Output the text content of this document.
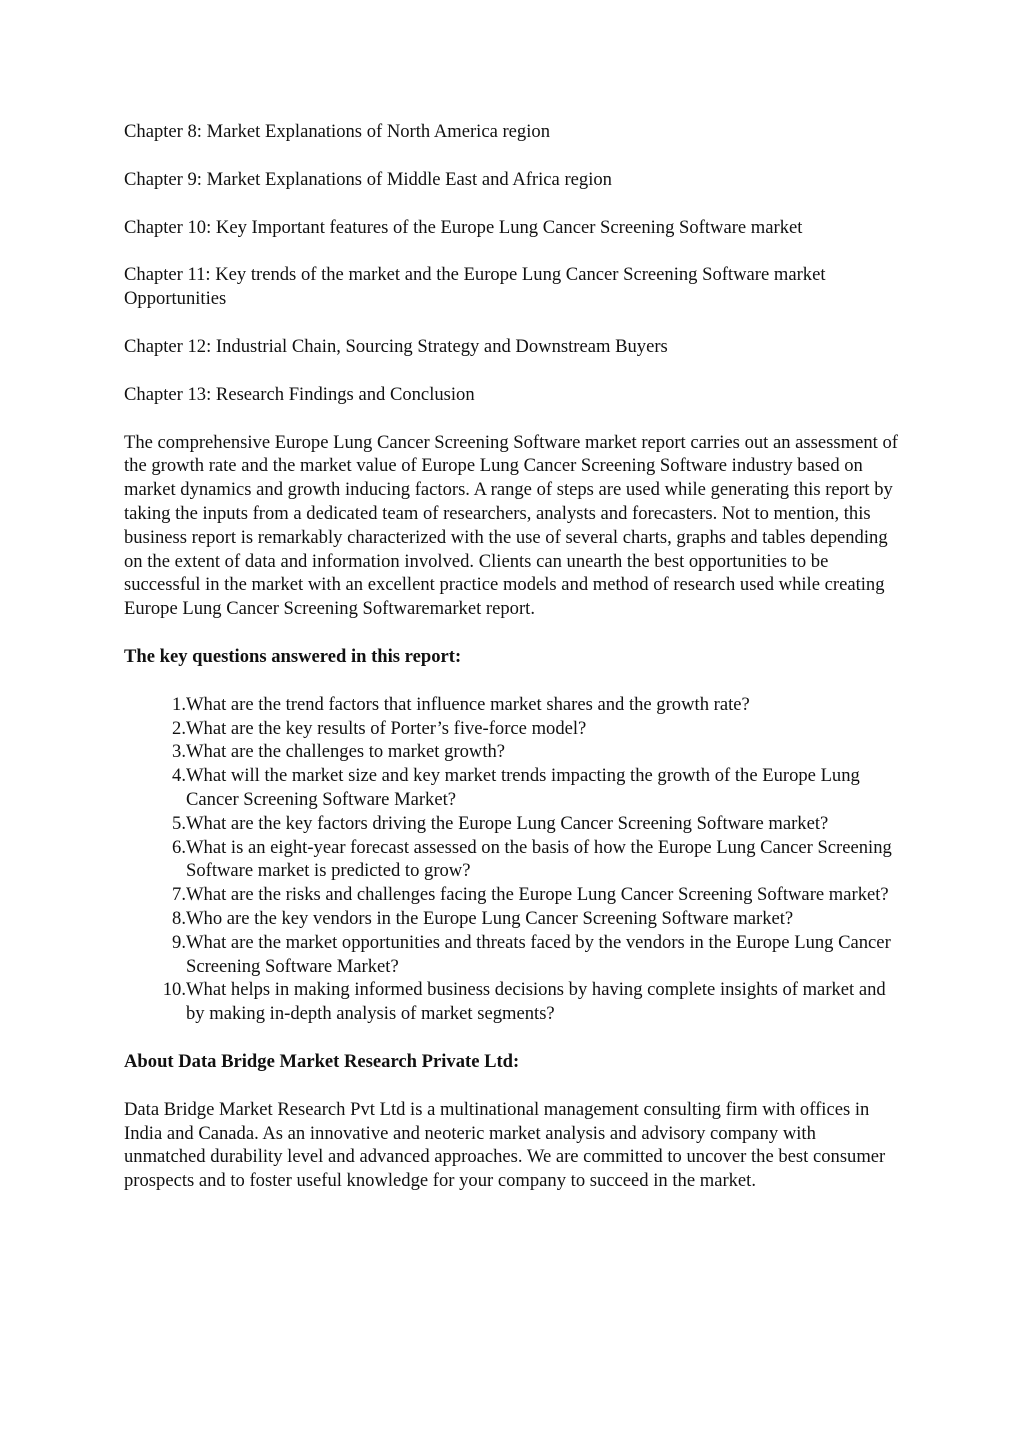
Chapter 8: Market Explanations of North America region

Chapter 9: Market Explanations of Middle East and Africa region

Chapter 10: Key Important features of the Europe Lung Cancer Screening Software market

Chapter 11: Key trends of the market and the Europe Lung Cancer Screening Software market Opportunities

Chapter 12: Industrial Chain, Sourcing Strategy and Downstream Buyers

Chapter 13: Research Findings and Conclusion

The comprehensive Europe Lung Cancer Screening Software market report carries out an assessment of the growth rate and the market value of Europe Lung Cancer Screening Software industry based on market dynamics and growth inducing factors. A range of steps are used while generating this report by taking the inputs from a dedicated team of researchers, analysts and forecasters. Not to mention, this business report is remarkably characterized with the use of several charts, graphs and tables depending on the extent of data and information involved. Clients can unearth the best opportunities to be successful in the market with an excellent practice models and method of research used while creating Europe Lung Cancer Screening Softwaremarket report.

The key questions answered in this report:

1. What are the trend factors that influence market shares and the growth rate?
2. What are the key results of Porter’s five-force model?
3. What are the challenges to market growth?
4. What will the market size and key market trends impacting the growth of the Europe Lung Cancer Screening Software Market?
5. What are the key factors driving the Europe Lung Cancer Screening Software market?
6. What is an eight-year forecast assessed on the basis of how the Europe Lung Cancer Screening Software market is predicted to grow?
7. What are the risks and challenges facing the Europe Lung Cancer Screening Software market?
8. Who are the key vendors in the Europe Lung Cancer Screening Software market?
9. What are the market opportunities and threats faced by the vendors in the Europe Lung Cancer Screening Software Market?
10. What helps in making informed business decisions by having complete insights of market and by making in-depth analysis of market segments?

About Data Bridge Market Research Private Ltd:

Data Bridge Market Research Pvt Ltd is a multinational management consulting firm with offices in India and Canada. As an innovative and neoteric market analysis and advisory company with unmatched durability level and advanced approaches. We are committed to uncover the best consumer prospects and to foster useful knowledge for your company to succeed in the market.
